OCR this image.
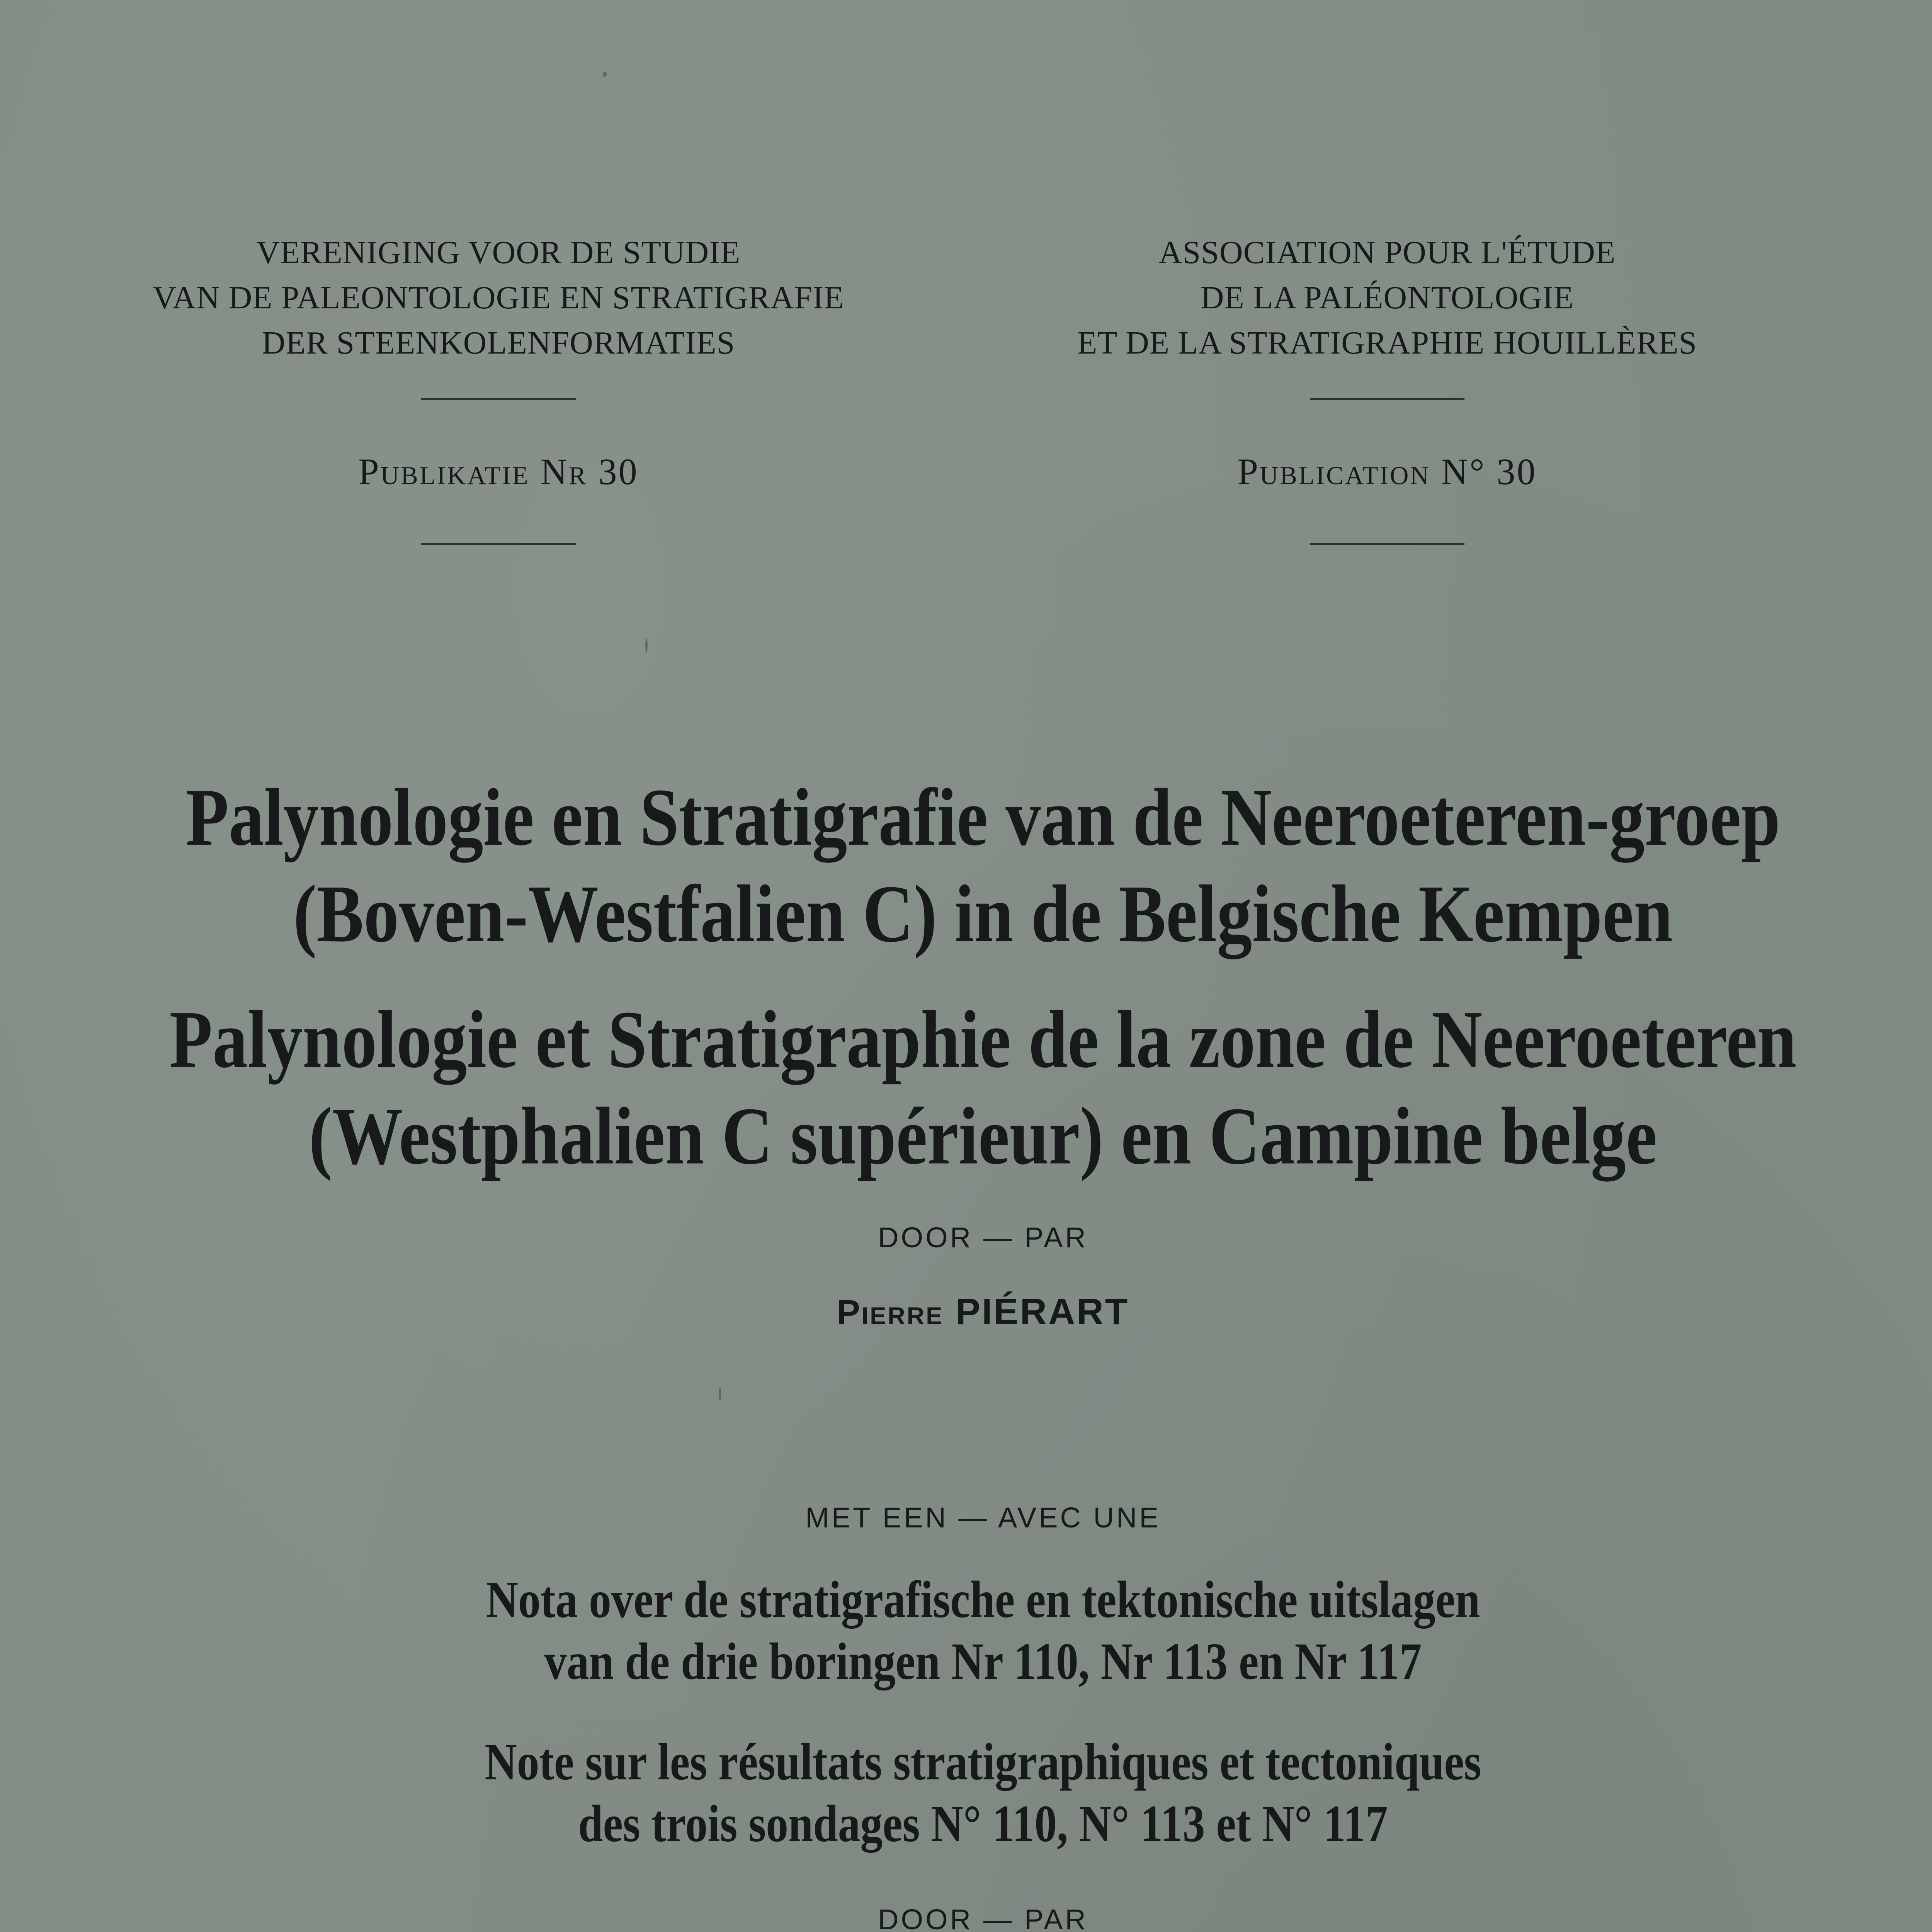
VERENIGING VOOR DE STUDIE
VAN DE PALEONTOLOGIE EN STRATIGRAFIE
DER STEENKOLENFORMATIES
Publikatie Nr 30
ASSOCIATION POUR L'ÉTUDE
DE LA PALÉONTOLOGIE
ET DE LA STRATIGRAPHIE HOUILLÈRES
Publication N° 30
Palynologie en Stratigrafie van de Neeroeteren-groep
(Boven-Westfalien C) in de Belgische Kempen
Palynologie et Stratigraphie de la zone de Neeroeteren
(Westphalien C supérieur) en Campine belge
DOOR — PAR
Pierre PIÉRART
MET EEN — AVEC UNE
Nota over de stratigrafische en tektonische uitslagen
van de drie boringen Nr 110, Nr 113 en Nr 117
Note sur les résultats stratigraphiques et tectoniques
des trois sondages N° 110, N° 113 et N° 117
DOOR — PAR
